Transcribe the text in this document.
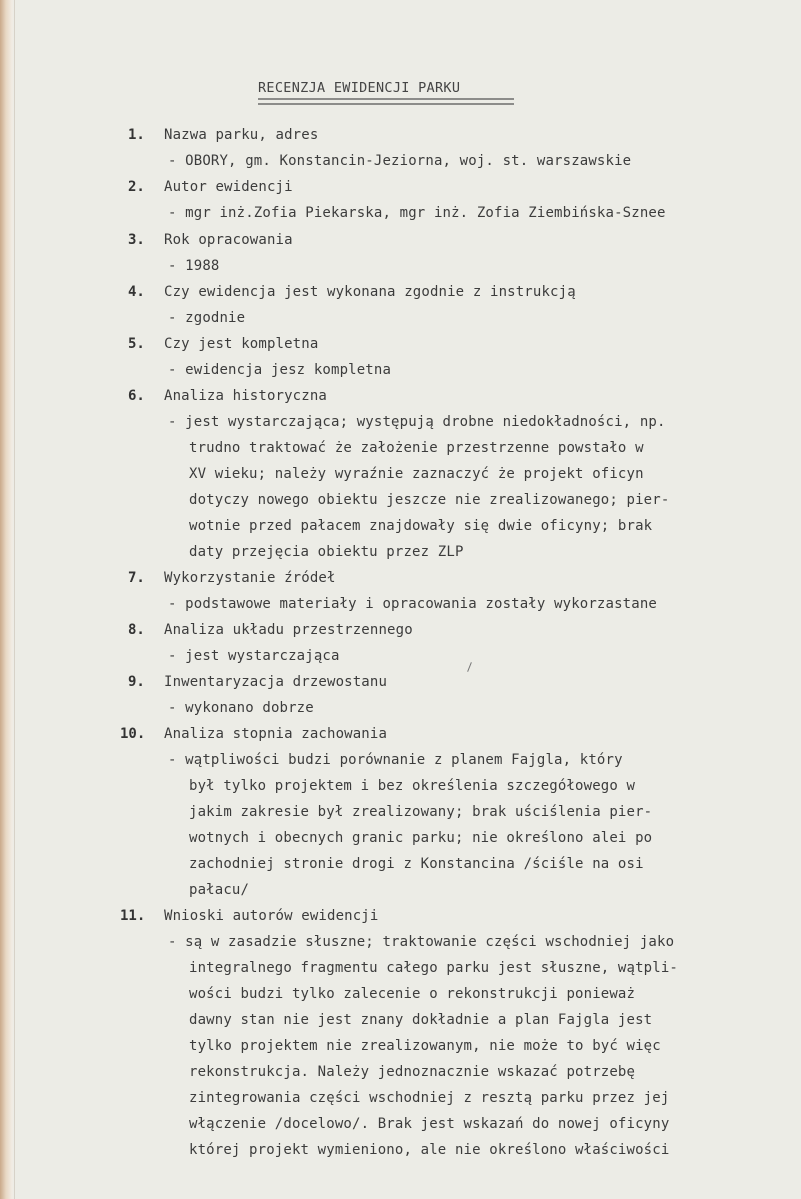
RECENZJA EWIDENCJI PARKU
1. Nazwa parku, adres
- OBORY, gm. Konstancin-Jeziorna, woj. st. warszawskie
2. Autor ewidencji
- mgr inż.Zofia Piekarska, mgr inż. Zofia Ziembińska-Sznee
3. Rok opracowania
- 1988
4. Czy ewidencja jest wykonana zgodnie z instrukcją
- zgodnie
5. Czy jest kompletna
- ewidencja jesz kompletna
6. Analiza historyczna
- jest wystarczająca; występują drobne niedokładności, np.
trudno traktować że założenie przestrzenne powstało w
XV wieku; należy wyraźnie zaznaczyć że projekt oficyn
dotyczy nowego obiektu jeszcze nie zrealizowanego; pier-
wotnie przed pałacem znajdowały się dwie oficyny; brak
daty przejęcia obiektu przez ZLP
7. Wykorzystanie źródeł
- podstawowe materiały i opracowania zostały wykorzastane
8. Analiza układu przestrzennego
- jest wystarczająca
9. Inwentaryzacja drzewostanu
- wykonano dobrze
10. Analiza stopnia zachowania
- wątpliwości budzi porównanie z planem Fajgla, który
był tylko projektem i bez określenia szczegółowego w
jakim zakresie był zrealizowany; brak uściślenia pier-
wotnych i obecnych granic parku; nie określono alei po
zachodniej stronie drogi z Konstancina /ściśle na osi
pałacu/
11. Wnioski autorów ewidencji
- są w zasadzie słuszne; traktowanie części wschodniej jako
integralnego fragmentu całego parku jest słuszne, wątpli-
wości budzi tylko zalecenie o rekonstrukcji ponieważ
dawny stan nie jest znany dokładnie a plan Fajgla jest
tylko projektem nie zrealizowanym, nie może to być więc
rekonstrukcja. Należy jednoznacznie wskazać potrzebę
zintegrowania części wschodniej z resztą parku przez jej
włączenie /docelowo/. Brak jest wskazań do nowej oficyny
której projekt wymieniono, ale nie określono właściwości
